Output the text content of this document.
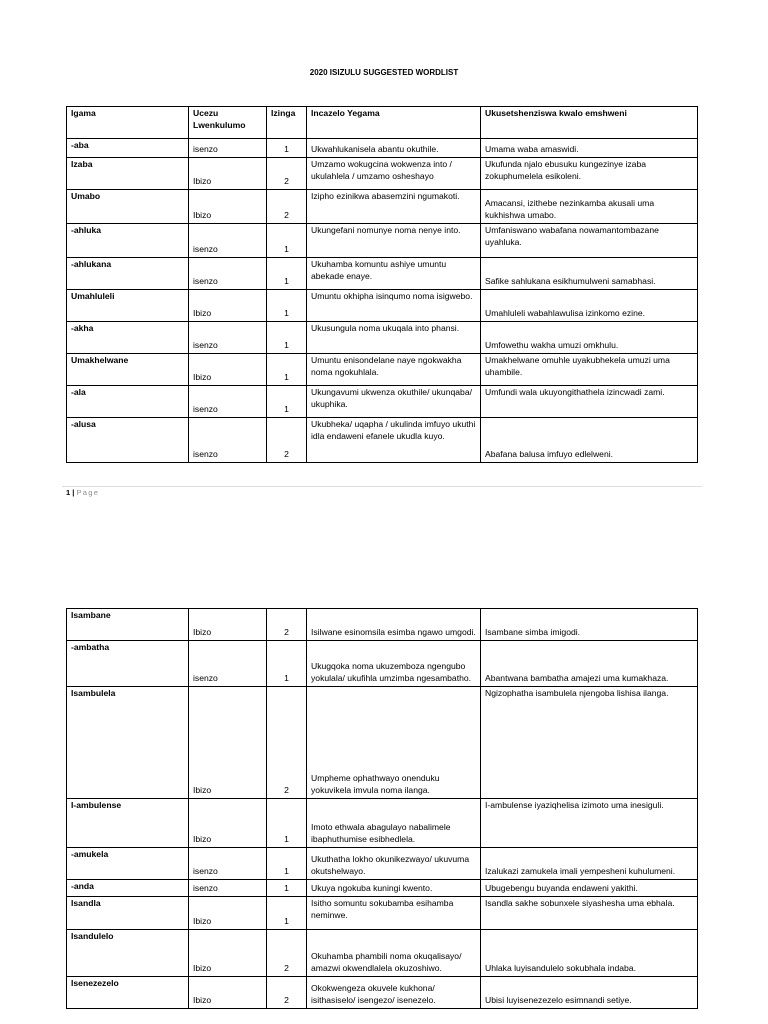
2020 ISIZULU SUGGESTED WORDLIST
Igama	Ucezu Lwenkulumo	Izinga	Incazelo Yegama	Ukusetshenziswa kwalo emshweni
-aba	isenzo	1	Ukwahlukanisela abantu okuthile.	Umama waba amaswidi.
Izaba	Ibizo	2	Umzamo wokugcina wokwenza into / ukulahlela / umzamo osheshayo	Ukufunda njalo ebusuku kungezinye izaba zokuphumelela esikoleni.
Umabo	Ibizo	2	Izipho ezinikwa abasemzini ngumakoti.	Amacansi, izithebe nezinkamba akusali uma kukhishwa umabo.
-ahluka	isenzo	1	Ukungefani nomunye noma nenye into.	Umfaniswano wabafana nowamantombazane uyahluka.
-ahlukana	isenzo	1	Ukuhamba komuntu ashiye umuntu abekade enaye.	Safike sahlukana esikhumulweni samabhasi.
Umahluleli	Ibizo	1	Umuntu okhipha isinqumo noma isigwebo.	Umahluleli wabahlawulisa izinkomo ezine.
-akha	isenzo	1	Ukusungula noma ukuqala into phansi.	Umfowethu wakha umuzi omkhulu.
Umakhelwane	Ibizo	1	Umuntu enisondelane naye ngokwakha noma ngokuhlala.	Umakhelwane omuhle uyakubhekela umuzi uma uhambile.
-ala	isenzo	1	Ukungavumi ukwenza okuthile/ ukunqaba/ ukuphika.	Umfundi wala ukuyongithathela izincwadi zami.
-alusa	isenzo	2	Ukubheka/ uqapha / ukulinda imfuyo ukuthi idla endaweni efanele ukudla kuyo.	Abafana balusa imfuyo edlelweni.
1 | Page
Isambane	Ibizo	2	Isilwane esinomsila esimba ngawo umgodi.	Isambane simba imigodi.
-ambatha	isenzo	1	Ukugqoka noma ukuzemboza ngengubo yokulala/ ukufihla umzimba ngesambatho.	Abantwana bambatha amajezi uma kumakhaza.
Isambulela	Ibizo	2	Umpheme ophathwayo onenduku yokuvikela imvula noma ilanga.	Ngizophatha isambulela njengoba lishisa ilanga.
I-ambulense	Ibizo	1	Imoto ethwala abagulayo nabalimele ibaphuthumise esibhedlela.	I-ambulense iyaziqhelisa izimoto uma inesiguli.
-amukela	isenzo	1	Ukuthatha lokho okunikezwayo/ ukuvuma okutshelwayo.	Izalukazi zamukela imali yempesheni kuhulumeni.
-anda	isenzo	1	Ukuya ngokuba kuningi kwento.	Ubugebengu buyanda endaweni yakithi.
Isandla	Ibizo	1	Isitho somuntu sokubamba esihamba neminwe.	Isandla sakhe sobunxele siyashesha uma ebhala.
Isandulelo	Ibizo	2	Okuhamba phambili noma okuqalisayo/ amazwi okwendlalela okuzoshiwo.	Uhlaka luyisandulelo sokubhala indaba.
Isenezezelo	Ibizo	2	Okokwengeza okuvele kukhona/ isithasiselo/ isengezo/ isenezelo.	Ubisi luyisenezezelo esimnandi setiye.
